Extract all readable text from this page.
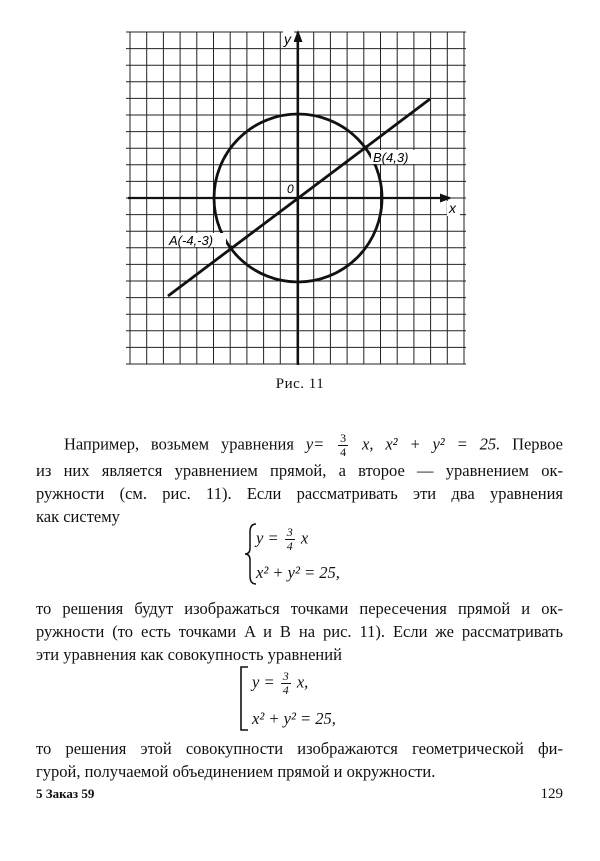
A(-4,-3)
B(4,3)
0
x
y
Рис. 11
Например, возьмем уравнения $y= \frac{3}{4} x$, x² + y² = 25. Первое
из них является уравнением прямой, а второе — уравнением ок-
ружности (см. рис. 11). Если рассматривать эти два уравнения
как систему
$y = \frac{3}{4}$ x
x² + y² = 25,
то решения будут изображаться точками пересечения прямой и ок-
ружности (то есть точками A и B на рис. 11). Если же рассматривать
эти уравнения как совокупность уравнений
$y = \frac{3}{4} x$,
x² + y² = 25,
то решения этой совокупности изображаются геометрической фи-
гурой, получаемой объединением прямой и окружности.
5 Заказ 59	129
